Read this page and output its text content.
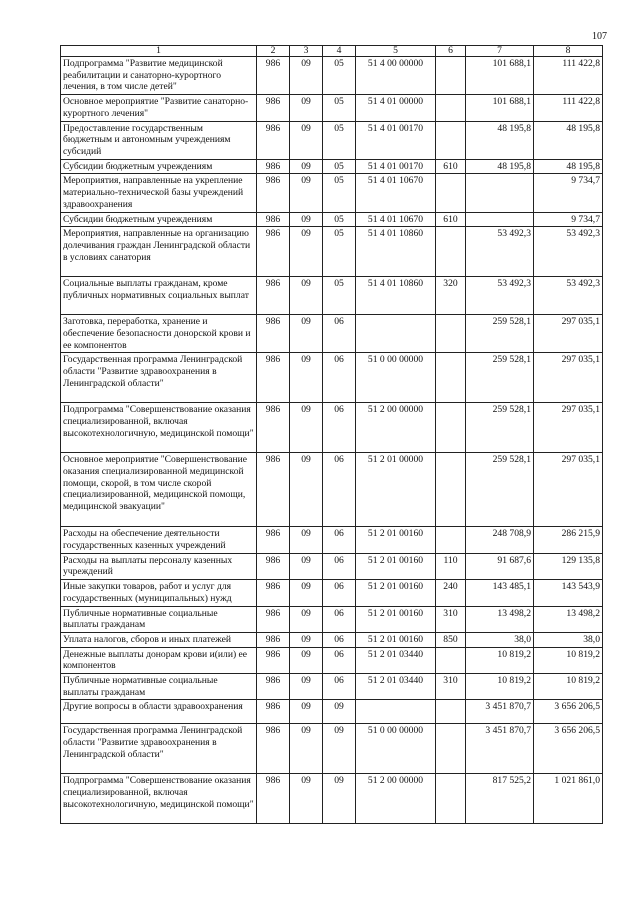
107
1	2	3	4	5	6	7	8
Подпрограмма "Развитие медицинской реабилитации и санаторно-курортного лечения, в том числе детей"	986	09	05	51 4 00 00000		101 688,1	111 422,8
Основное мероприятие "Развитие санаторно-курортного лечения"	986	09	05	51 4 01 00000		101 688,1	111 422,8
Предоставление государственным бюджетным и автономным учреждениям субсидий	986	09	05	51 4 01 00170		48 195,8	48 195,8
Субсидии бюджетным учреждениям	986	09	05	51 4 01 00170	610	48 195,8	48 195,8
Мероприятия, направленные на укрепление материально-технической базы учреждений здравоохранения	986	09	05	51 4 01 10670			9 734,7
Субсидии бюджетным учреждениям	986	09	05	51 4 01 10670	610		9 734,7
Мероприятия, направленные на организацию долечивания граждан Ленинградской области в условиях санатория	986	09	05	51 4 01 10860		53 492,3	53 492,3
Социальные выплаты гражданам, кроме публичных нормативных социальных выплат	986	09	05	51 4 01 10860	320	53 492,3	53 492,3
Заготовка, переработка, хранение и обеспечение безопасности донорской крови и ее компонентов	986	09	06			259 528,1	297 035,1
Государственная программа Ленинградской области "Развитие здравоохранения в Ленинградской области"	986	09	06	51 0 00 00000		259 528,1	297 035,1
Подпрограмма "Совершенствование оказания специализированной, включая высокотехнологичную, медицинской помощи"	986	09	06	51 2 00 00000		259 528,1	297 035,1
Основное мероприятие "Совершенствование оказания специализированной медицинской помощи, скорой, в том числе скорой специализированной, медицинской помощи, медицинской эвакуации"	986	09	06	51 2 01 00000		259 528,1	297 035,1
Расходы на обеспечение деятельности государственных казенных учреждений	986	09	06	51 2 01 00160		248 708,9	286 215,9
Расходы на выплаты персоналу казенных учреждений	986	09	06	51 2 01 00160	110	91 687,6	129 135,8
Иные закупки товаров, работ и услуг для государственных (муниципальных) нужд	986	09	06	51 2 01 00160	240	143 485,1	143 543,9
Публичные нормативные социальные выплаты гражданам	986	09	06	51 2 01 00160	310	13 498,2	13 498,2
Уплата налогов, сборов и иных платежей	986	09	06	51 2 01 00160	850	38,0	38,0
Денежные выплаты донорам крови и(или) ее компонентов	986	09	06	51 2 01 03440		10 819,2	10 819,2
Публичные нормативные социальные выплаты гражданам	986	09	06	51 2 01 03440	310	10 819,2	10 819,2
Другие вопросы в области здравоохранения	986	09	09			3 451 870,7	3 656 206,5
Государственная программа Ленинградской области "Развитие здравоохранения в Ленинградской области"	986	09	09	51 0 00 00000		3 451 870,7	3 656 206,5
Подпрограмма "Совершенствование оказания специализированной, включая высокотехнологичную, медицинской помощи"	986	09	09	51 2 00 00000		817 525,2	1 021 861,0
